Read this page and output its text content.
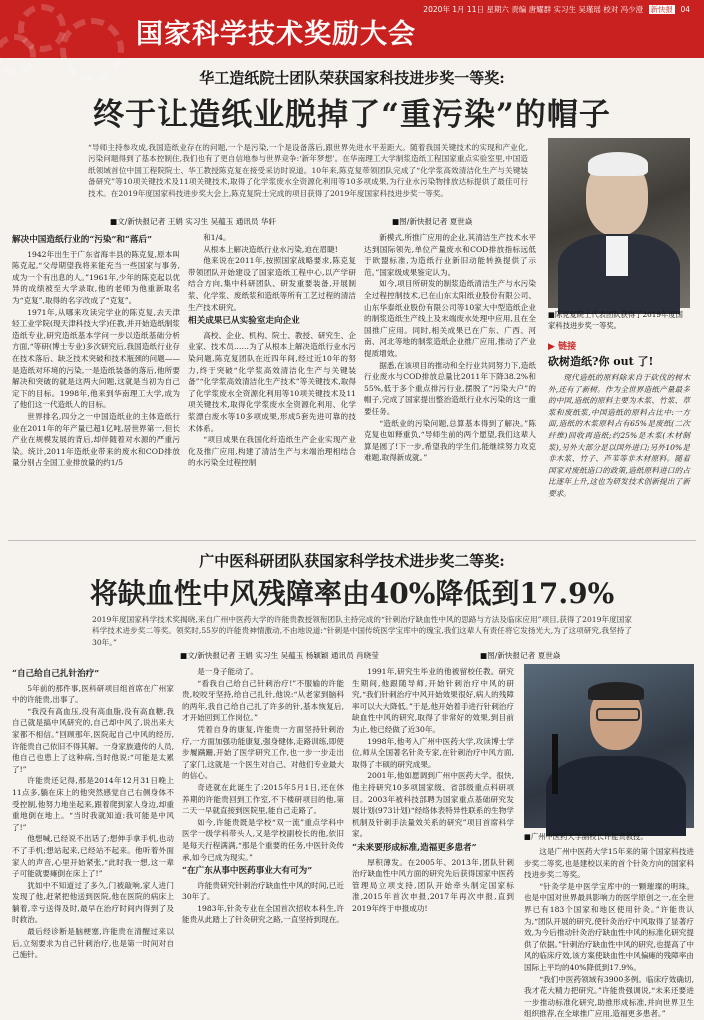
国家科学技术奖励大会
2020年 1月 11日 星期六 责编 唐耀群 实习生 吴瑾瑶 校对 冯少澄 新快报 04
华工造纸院士团队荣获国家科技进步奖一等奖:
终于让造纸业脱掉了“重污染”的帽子
“导师主持参攻成,我国造纸业存在的问题,一个是污染,一个是设备落后,跟世界先进水平差距大。随着我国关键技术的实现和产业化,污染问题得到了基本控制住,我们也有了更自信地参与世界竞争:‘新年梦想’。在华南理工大学制浆造纸工程国家重点实验室里,中国造纸领域首位中国工程院院士、华工教授陈克复在接受采访时说道。10年来,陈克复带领团队完成了“化学浆高效清洁化生产与关键装备研究”等10项关键技术及11项关键技术,取得了化学浆废水全资源化利用等10多项成果,为行业水污染物排放达标提供了最佳可行技术。在2019年度国家科技进步奖大会上,陈克复院士完成的项目获得了2019年度国家科技进步奖一等奖。
■文/新快报记者 王娟 实习生 吴蕴玉 通讯员 华轩	■图/新快报记者 夏世焱
■陈克复院士代表团队获得了2019年度国家科技进步奖一等奖。

解决中国造纸行业的“污染”和“落后”

1942年出生于广东省海丰县的陈克复,原本叫陈克起,“父母期望我将来能充当一些国家与事务,成为一个有出息的人。”1961年,少年的陈克起以优异的成绩被至大学录取,他的老师为他重新取名为“克复”,取得的名字改成了“克复”。

1971年,从哪来攻读完学业的陈克复,去天津轻工业学院(现天津科技大学)任教,并开始造纸制浆造纸专业,研究造纸基本学问一步以造纸基础分析方面,“等研(博士专业)多次研究后,我国造纸行业存在技术落后、缺乏技术突破和技术瓶颈的问题——是造纸对环境的污染,一是造纸装备的落后,他所要解决和突破的就是这两大问题,这就是当初为自己定下的目标。1998年,他来到华南理工大学,成为了他们这一代造纸人的目标。

世界排名,四分之一中国造纸业的主体造纸行业在2011年的年产量已超1亿吨,居世界第一,但长产业在规模发展的背后,却伴随着对水源的严重污染。统计,2011年造纸业带来的废水和COD排放量分别占全国工业排放量的约1/5

和1/4。

从根本上解决造纸行业水污染,迫在眉睫!

他来说在2011年,按照国家战略要求,陈克复带领团队开始建设了国家造纸工程中心,以产学研结合方向,集中科研团队、研发重要装备,开展制浆、化学浆、废纸浆和造纸等所有工艺过程的清洁生产技术研究。

相关成果已从实验室走向企业

高校、企业、机构、院士、教授、研究生、企业家、技术员……为了从根本上解决造纸行业水污染问题,陈克复团队在近四年间,经过近10年的努力,终于突破“化学浆高效清洁化生产与关键装备”“化学浆高效清洁化生产技术”等关键技术,取得了化学浆废水全资源化利用等10项关键技术及11项关键技术,取得化学浆废水全资源化利用、化学浆漂白废水等10多项成果,形成5套先进可靠的技术体系。

“项目成果在我国化纤造纸生产企业实现产业化及推广应用,构建了清洁生产与末端治理相结合的水污染全过程控制

新模式,所推广应用的企业,其清洁生产技术水平达到国际领先,单位产量废水和COD排放指标远低于欧盟标准,为造纸行业新旧动能转换提供了示范。”国家级成果鉴定认为。

如今,项目所研发的制浆造纸清洁生产与水污染全过程控制技术,已在山东太阳纸业股份有限公司、山东华泰纸业股份有限公司等10家大中型造纸企业的制浆造纸生产线上及末端废水处理中应用,且在全国推广应用。同时,相关成果已在广东、广西、河南、河北等地的制浆造纸企业推广应用,推动了产业提质增效。

据悉,在该项目的推动和全行业共同努力下,造纸行业废水与COD排放总量比2011年下降38.2%和55%,低于多个重点排污行业,摆脱了“污染大户”的帽子,完成了国家提出整治造纸行业水污染的这一重要任务。

“造纸业的污染问题,总算基本得到了解决。”陈克复也如释重负,“导师生前的两个愿望,我们这辈人算是圆了!下一步,希望我的学生们,能继续努力攻克难题,取得新成就。”

▶ 链接
砍树造纸?你 out 了!

现代造纸的原料除来自于砍伐的树木外,还有了新树。作为全世界造纸产量最多的中国,造纸的原料主要为木浆、竹浆、草浆和废纸浆,中国造纸的原料占比中:一方面,造纸的木浆原料占有65%是废纸(二次纤维)回收再造纸;约25%是木浆(木材制浆),另外大部分是以国外进口;另外10%是非木浆、竹子、芦苇等非木材原料。随着国家对废纸造口的政策,造纸原料进口的占比逐年上升,这也为研发技术创新提出了新要求。

广中医科研团队获国家科学技术进步奖二等奖:
将缺血性中风残障率由40%降低到17.9%
2019年度国家科学技术奖揭晓,来自广州中医药大学的许能贵教授领衔团队主持完成的“针刺治疗缺血性中风的思路与方法及临床应用”项目,获得了2019年度国家科学技术进步奖二等奖。领奖时,55岁的许能贵神情激动,不由地说道:“针刺是中国传统医学宝库中的瑰宝,我们这辈人有责任将它发扬光大,为了这项研究,我坚持了30年。”
■文/新快报记者 王娟 实习生 吴蕴玉 杨颖颖 通讯员 肖晓莹	■图/新快报记者 夏世焱

“自己给自己扎针治疗”

5年前的那件事,医科研项目组首席在广州家中的许能贵,出事了。

“我没有高血压,没有高血脂,没有高血糖,我自己就是搞中风研究的,自己却中风了,说出来大家都不相信。”回顾那年,医院起自己中风的经历,许能贵自己依旧不得其解。一身家族遗传的人员,他自己也患上了这种病,当时他说:“可能是太累了!”

许能贵还记得,那是2014年12月31日晚上11点多,躺在床上的他突然感觉自己右侧身体不受控制,他努力地坐起来,跟着爬到家人身边,却重重地倒在地上。“当时我就知道:我可能是中风了!”

他想喊,已经说不出话了;想伸手拿手机,也动不了手机;想站起来,已经站不起来。他听着外面家人的声音,心里开始紧张,“此时我一想,这一辈子可能就要瘫倒在床上了!”

犹如中不知道过了多久,门被敲响,家人进门发现了他,赶紧把他送到医院,他在医院的病床上躺着,幸亏送得及时,最早在治疗时间内得到了及时救治。

最后经诊断是脑梗塞,许能贵在清醒过来以后,立刻要求为自己针刺治疗,也是第一时间对自己施针。

是一身子能动了。

“看我自己给自己针刺治疗!”不服输的许能贵,咬咬牙坚持,给自己扎针,他说:“从老家到脑科的两年,我自己给自己扎了许多的针,基本恢复后,才开始回到工作岗位。”

凭着自身的康复,许能贵一方面坚持针刺治疗,一方面加强功能康复,强身健体,走路训练,即使步履蹒跚,开始了医学研究工作,也一步一步走出了家门,这就是一个医生对自己、对他们专业最大的信心。

奇迹就在此诞生了:2015年5月1日,还在休养期的许能贵回到工作室,不下楼研项目的他,第二天一早就直接到医院里,能自己走路了。

如今,许能贵既是学校“双一流”重点学科中医学一级学科带头人,又是学校副校长的他,依旧是每天行程满满,“那是个重要的任务,中医针灸传承,如今已成为现实。”

“在广东从事中医药事业大有可为”

许能贵研究针刺治疗缺血性中风的时间,已近30年了。

1983年,针灸专业在全国首次招收本科生,许能贵从此踏上了针灸研究之路,一直坚持到现在。

1991年,研究生毕业的他被留校任教。研究生期间,他跟随导师,开始针刺治疗中风的研究,“我们针刺治疗中风开始效果很好,病人的残障率可以大大降低。”于是,他开始着手进行针刺治疗缺血性中风的研究,取得了非常好的效果,到目前为止,他已经做了近30年。

1998年,他考入广州中医药大学,攻读博士学位,师从全国著名针灸专家,在针刺治疗中风方面,取得了丰硕的研究成果。

2001年,他如愿调到广州中医药大学。很快,他主持研究10多项国家级、省部级重点科研项目。2003年被科技部聘为国家重点基础研究发展计划(973计划)“经络体表特异性联系的生物学机制及针刺手法量效关系的研究”项目首席科学家。

“未来要形成标准,造福更多患者”

厚积薄发。在2005年、2013年,团队针刺治疗缺血性中风方面的研究先后获得国家中医药管理局立项支持,团队开始牵头制定国家标准,2015年首次申报,2017年再次申报,直到2019年终于申报成功!

■广州中医药大学副校长许能贵教授。

这是广州中医药大学15年来的第个国家科技进步奖二等奖,也是建校以来的首个针灸方向的国家科技进步奖二等奖。

“针灸学是中医学宝库中的一颗璀璨的明珠。也是中国对世界最具影响力的医学原创之一,在全世界已有183个国家和地区使用针灸。”许能贵认为,“团队开展的研究,使针灸治疗中风取得了显著疗效,为今后推动针灸治疗缺血性中风的标准化研究提供了依据。”针刺治疗缺血性中风的研究,也提高了中风的临床疗效,该方案使缺血性中风偏瘫的残障率由国际上平均的40%降低到17.9%。

“我们中医药领域有3900多例。临床疗效确切,我才花大精力把研究。”许能贵强调说,“未来还要进一步推动标准化研究,助推形成标准,并向世界卫生组织推荐,在全球推广应用,造福更多患者。”
